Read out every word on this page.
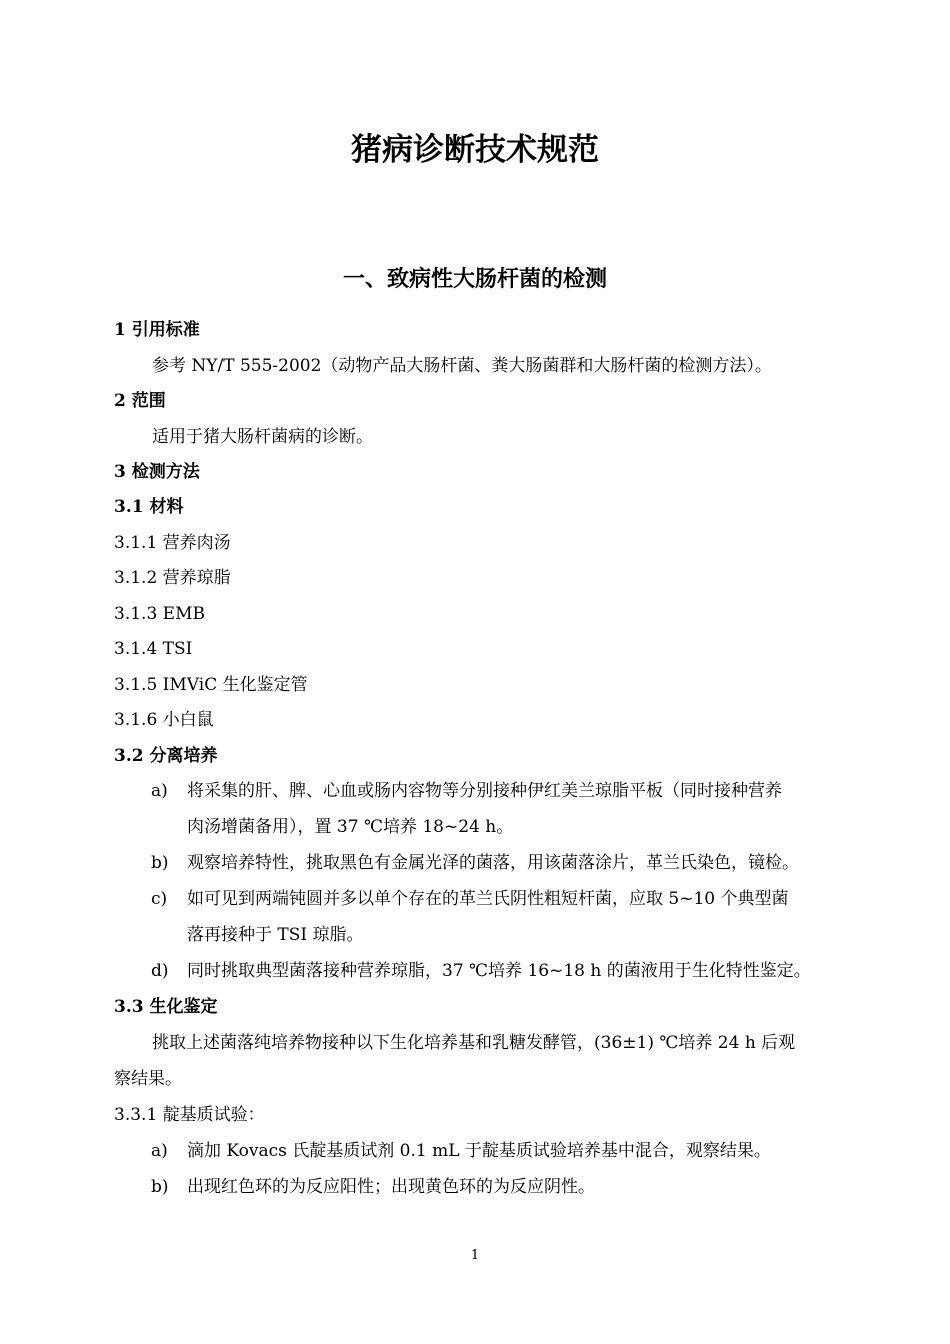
猪病诊断技术规范
一、致病性大肠杆菌的检测
1 引用标准
参考 NY/T 555-2002（动物产品大肠杆菌、粪大肠菌群和大肠杆菌的检测方法）。
2 范围
适用于猪大肠杆菌病的诊断。
3 检测方法
3.1 材料
3.1.1 营养肉汤
3.1.2 营养琼脂
3.1.3 EMB
3.1.4 TSI
3.1.5 IMViC 生化鉴定管
3.1.6 小白鼠
3.2 分离培养
a) 将采集的肝、脾、心血或肠内容物等分别接种伊红美兰琼脂平板（同时接种营养
肉汤增菌备用），置 37 ℃培养 18~24 h。
b) 观察培养特性，挑取黑色有金属光泽的菌落，用该菌落涂片，革兰氏染色，镜检。
c) 如可见到两端钝圆并多以单个存在的革兰氏阴性粗短杆菌，应取 5~10 个典型菌
落再接种于 TSI 琼脂。
d) 同时挑取典型菌落接种营养琼脂，37 ℃培养 16~18 h 的菌液用于生化特性鉴定。
3.3 生化鉴定
挑取上述菌落纯培养物接种以下生化培养基和乳糖发酵管，(36±1) ℃培养 24 h 后观
察结果。
3.3.1 靛基质试验：
a) 滴加 Kovacs 氏靛基质试剂 0.1 mL 于靛基质试验培养基中混合，观察结果。
b) 出现红色环的为反应阳性；出现黄色环的为反应阴性。
1
